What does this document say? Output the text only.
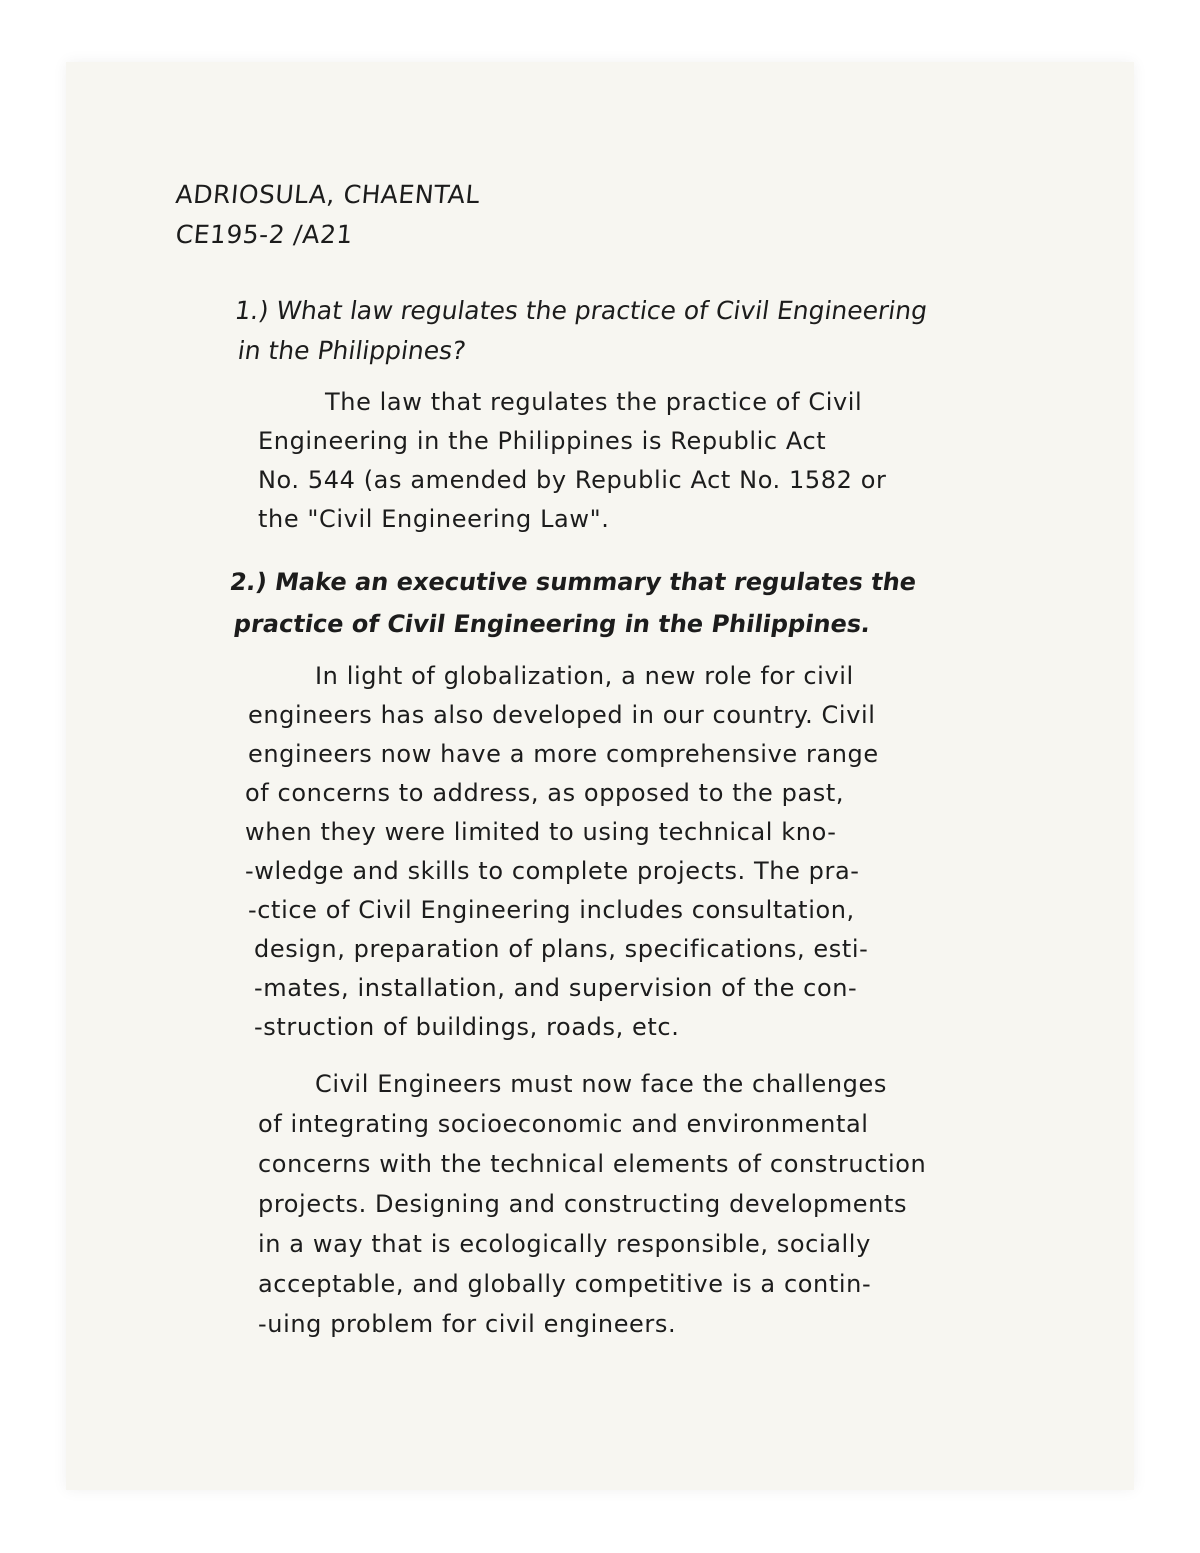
ADRIOSULA, CHAENTAL
CE195-2 /A21
1.) What law regulates the practice of Civil Engineering
in the Philippines?
The law that regulates the practice of Civil
Engineering in the Philippines is Republic Act
No. 544 (as amended by Republic Act No. 1582 or
the "Civil Engineering Law".
2.) Make an executive summary that regulates the
practice of Civil Engineering in the Philippines.
In light of globalization, a new role for civil
engineers has also developed in our country. Civil
engineers now have a more comprehensive range
of concerns to address, as opposed to the past,
when they were limited to using technical kno-
-wledge and skills to complete projects. The pra-
-ctice of Civil Engineering includes consultation,
design, preparation of plans, specifications, esti-
-mates, installation, and supervision of the con-
-struction of buildings, roads, etc.
Civil Engineers must now face the challenges
of integrating socioeconomic and environmental
concerns with the technical elements of construction
projects. Designing and constructing developments
in a way that is ecologically responsible, socially
acceptable, and globally competitive is a contin-
-uing problem for civil engineers.
